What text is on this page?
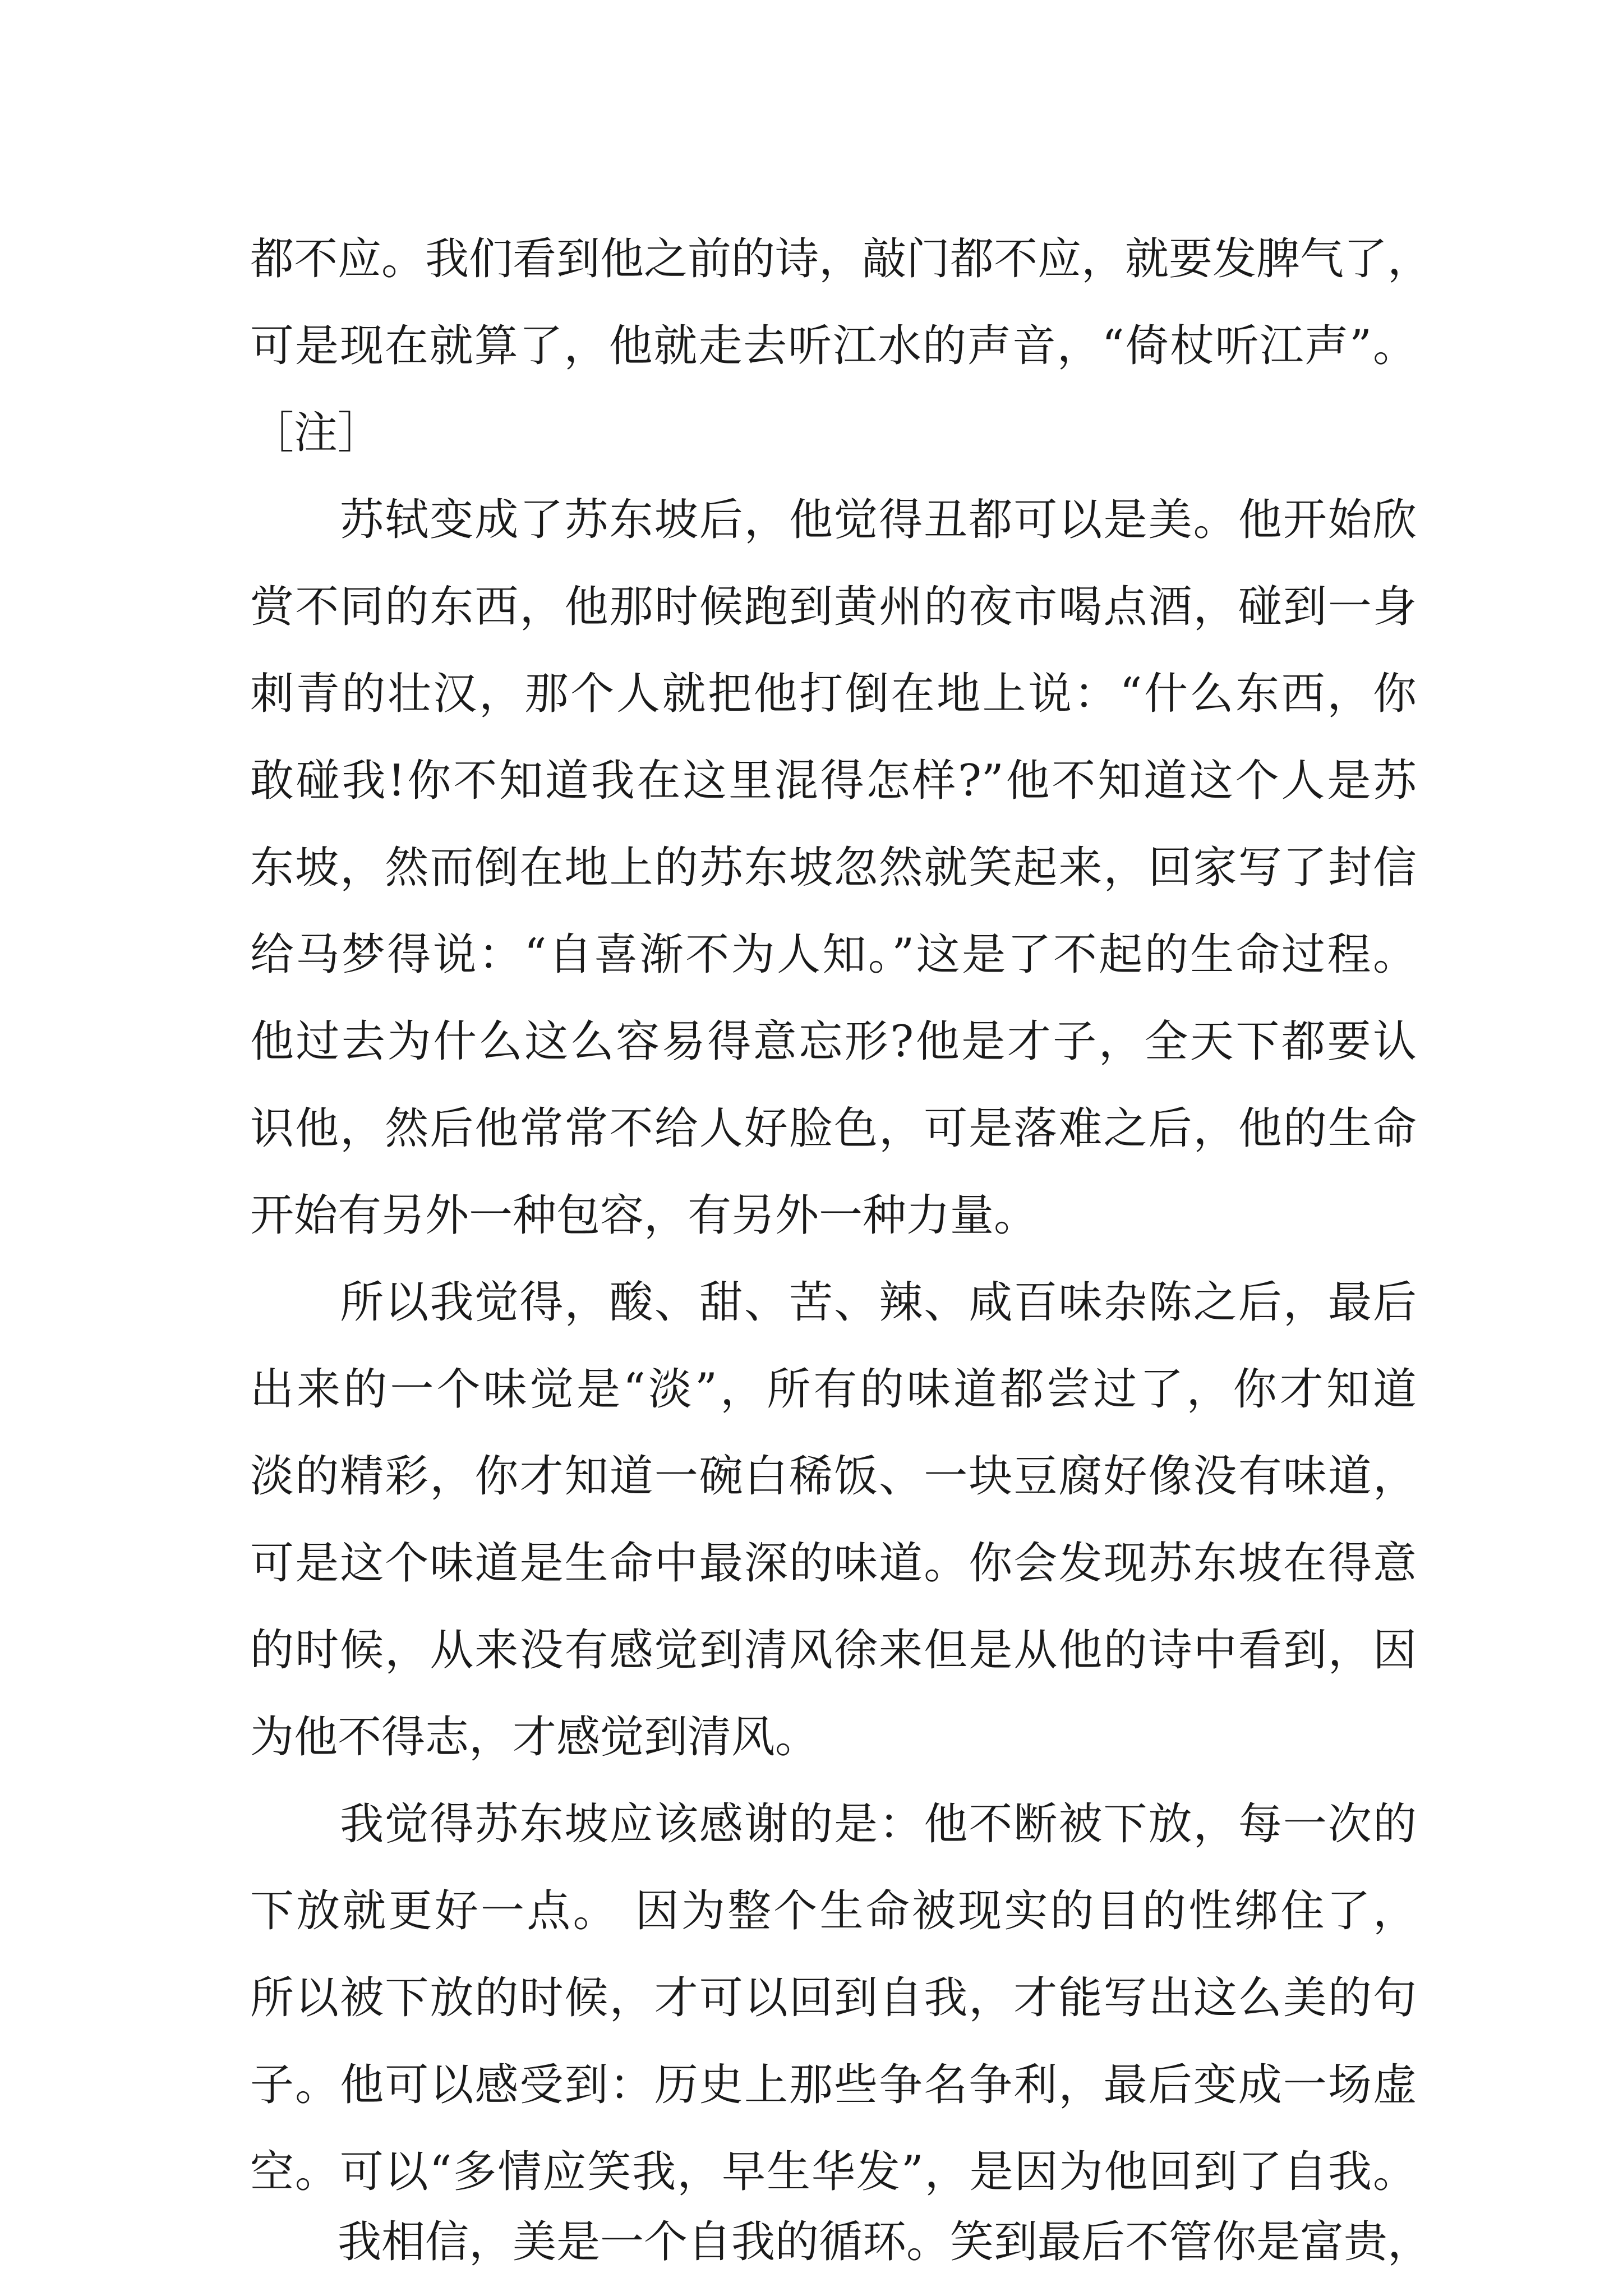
都不应。我们看到他之前的诗，敲门都不应，就要发脾气了，
可是现在就算了，他就走去听江水的声音，“倚杖听江声”。
［注］
　　苏轼变成了苏东坡后，他觉得丑都可以是美。他开始欣
赏不同的东西，他那时候跑到黄州的夜市喝点酒，碰到一身
刺青的壮汉，那个人就把他打倒在地上说：“什么东西，你
敢碰我!你不知道我在这里混得怎样?”他不知道这个人是苏
东坡，然而倒在地上的苏东坡忽然就笑起来，回家写了封信
给马梦得说：“自喜渐不为人知。”这是了不起的生命过程。
他过去为什么这么容易得意忘形?他是才子，全天下都要认
识他，然后他常常不给人好脸色，可是落难之后，他的生命
开始有另外一种包容，有另外一种力量。
　　所以我觉得，酸、甜、苦、辣、咸百味杂陈之后，最后
出来的一个味觉是“淡”，所有的味道都尝过了，你才知道
淡的精彩，你才知道一碗白稀饭、一块豆腐好像没有味道，
可是这个味道是生命中最深的味道。你会发现苏东坡在得意
的时候，从来没有感觉到清风徐来但是从他的诗中看到，因
为他不得志，才感觉到清风。
　　我觉得苏东坡应该感谢的是：他不断被下放，每一次的
下放就更好一点。 因为整个生命被现实的目的性绑住了，
所以被下放的时候，才可以回到自我，才能写出这么美的句
子。他可以感受到：历史上那些争名争利，最后变成一场虚
空。可以“多情应笑我，早生华发”，是因为他回到了自我。
　　我相信，美是一个自我的循环。笑到最后不管你是富贵，
